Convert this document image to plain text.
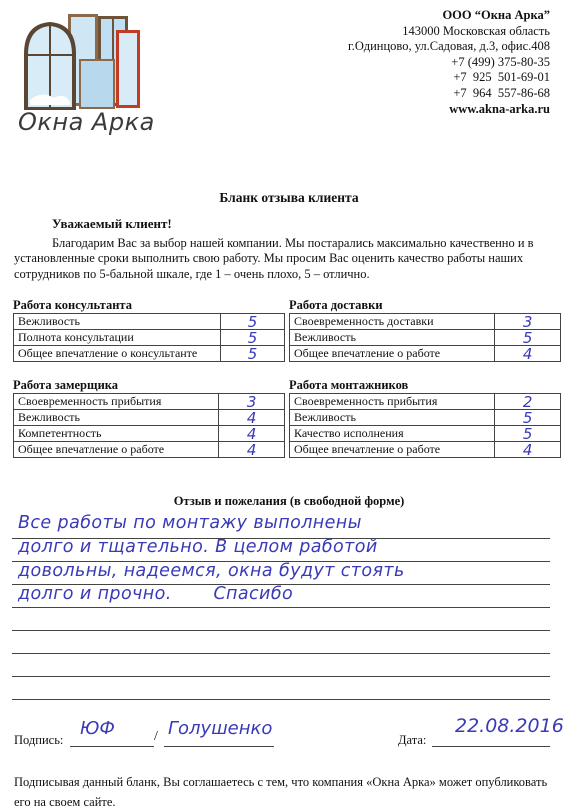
Окна Арка
ООО “Окна Арка”
143000 Московская область
г.Одинцово, ул.Садовая, д.3, офис.408
+7 (499) 375-80-35
+7  925  501-69-01
+7  964  557-86-68
www.akna-arka.ru
Бланк отзыва клиента
Уважаемый клиент!
Благодарим Вас за выбор нашей компании. Мы постарались максимально качественно и в установленные сроки выполнить свою работу. Мы просим Вас оценить качество работы наших сотрудников по 5-бальной шкале, где 1 – очень плохо, 5 – отлично.
Работа консультанта
Вежливость	5
Полнота консультации	5
Общее впечатление о консультанте	5
Работа доставки
Своевременность доставки	3
Вежливость	5
Общее впечатление о работе	4
Работа замерщика
Своевременность прибытия	3
Вежливость	4
Компетентность	4
Общее впечатление о работе	4
Работа монтажников
Своевременность прибытия	2
Вежливость	5
Качество исполнения	5
Общее впечатление о работе	4
Отзыв и пожелания (в свободной форме)
Все работы по монтажу выполнены
долго и тщательно. В целом работой
довольны, надеемся, окна будут стоять
долго и прочно.       Спасибо
Подпись:
ЮФ	/ Голушенко
Дата:
22.08.2016
Подписывая данный бланк, Вы соглашаетесь с тем, что компания «Окна Арка» может опубликовать его на своем сайте.
